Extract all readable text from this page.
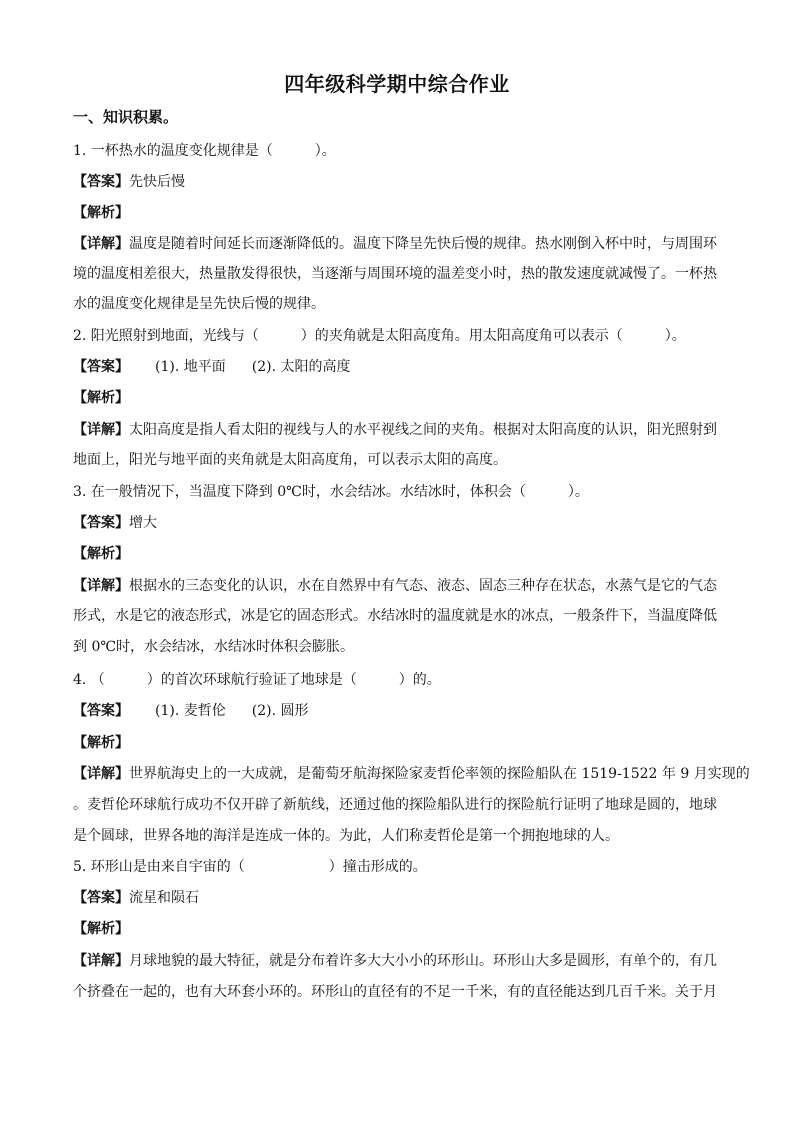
四年级科学期中综合作业
一、知识积累。
1. 一杯热水的温度变化规律是（　　　）。
【答案】先快后慢
【解析】
【详解】温度是随着时间延长而逐渐降低的。温度下降呈先快后慢的规律。热水刚倒入杯中时，与周围环
境的温度相差很大，热量散发得很快，当逐渐与周围环境的温差变小时，热的散发速度就减慢了。一杯热
水的温度变化规律是呈先快后慢的规律。
2. 阳光照射到地面，光线与（　　　）的夹角就是太阳高度角。用太阳高度角可以表示（　　　）。
【答案】 (1). 地平面 (2). 太阳的高度
【解析】
【详解】太阳高度是指人看太阳的视线与人的水平视线之间的夹角。根据对太阳高度的认识，阳光照射到
地面上，阳光与地平面的夹角就是太阳高度角，可以表示太阳的高度。
3. 在一般情况下，当温度下降到 0℃时，水会结冰。水结冰时，体积会（　　　）。
【答案】增大
【解析】
【详解】根据水的三态变化的认识，水在自然界中有气态、液态、固态三种存在状态，水蒸气是它的气态
形式，水是它的液态形式，冰是它的固态形式。水结冰时的温度就是水的冰点，一般条件下，当温度降低
到 0℃时，水会结冰，水结冰时体积会膨胀。
4. （　　　）的首次环球航行验证了地球是（　　　）的。
【答案】 (1). 麦哲伦 (2). 圆形
【解析】
【详解】世界航海史上的一大成就，是葡萄牙航海探险家麦哲伦率领的探险船队在 1519-1522 年 9 月实现的
。麦哲伦环球航行成功不仅开辟了新航线，还通过他的探险船队进行的探险航行证明了地球是圆的，地球
是个圆球，世界各地的海洋是连成一体的。为此，人们称麦哲伦是第一个拥抱地球的人。
5. 环形山是由来自宇宙的（　　　　　　）撞击形成的。
【答案】流星和陨石
【解析】
【详解】月球地貌的最大特征，就是分布着许多大大小小的环形山。环形山大多是圆形，有单个的，有几
个挤叠在一起的，也有大环套小环的。环形山的直径有的不足一千米，有的直径能达到几百千米。关于月
